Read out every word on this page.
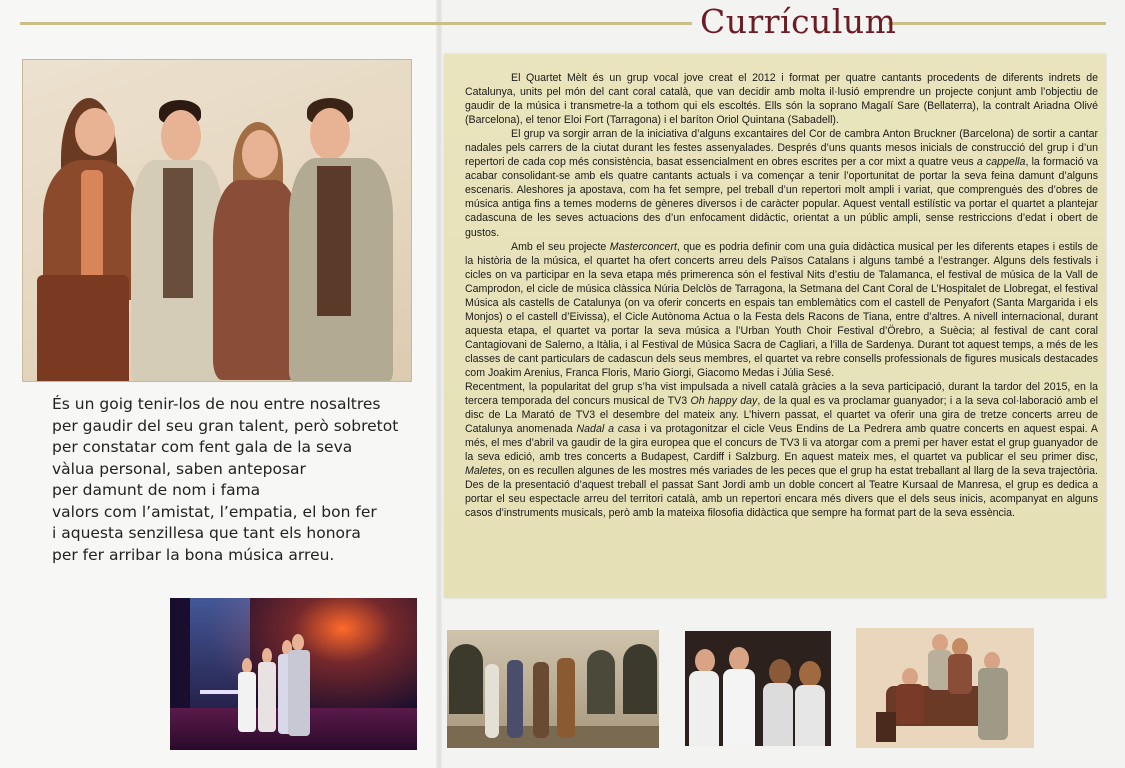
Currículum
És un goig tenir-los de nou entre nosaltres
per gaudir del seu gran talent, però sobretot
per constatar com fent gala de la seva
vàlua personal, saben anteposar
per damunt de nom i fama
valors com l’amistat, l’empatia, el bon fer
i aquesta senzillesa que tant els honora
per fer arribar la bona música arreu.

El Quartet Mèlt és un grup vocal jove creat el 2012 i format per quatre cantants procedents de diferents indrets de Catalunya, units pel món del cant coral català, que van decidir amb molta il·lusió emprendre un projecte conjunt amb l’objectiu de gaudir de la música i transmetre-la a tothom qui els escoltés. Ells són la soprano Magalí Sare (Bellaterra), la contralt Ariadna Olivé (Barcelona), el tenor Eloi Fort (Tarragona) i el baríton Oriol Quintana (Sabadell).

El grup va sorgir arran de la iniciativa d’alguns excantaires del Cor de cambra Anton Bruckner (Barcelona) de sortir a cantar nadales pels carrers de la ciutat durant les festes assenyalades. Després d’uns quants mesos inicials de construcció del grup i d’un repertori de cada cop més consistència, basat essencialment en obres escrites per a cor mixt a quatre veus a cappella, la formació va acabar consolidant-se amb els quatre cantants actuals i va començar a tenir l’oportunitat de portar la seva feina damunt d’alguns escenaris. Aleshores ja apostava, com ha fet sempre, pel treball d’un repertori molt ampli i variat, que comprenguės des d’obres de música antiga fins a temes moderns de gèneres diversos i de caràcter popular. Aquest ventall estilístic va portar el quartet a plantejar cadascuna de les seves actuacions des d’un enfocament didàctic, orientat a un públic ampli, sense restriccions d’edat i obert de gustos.

Amb el seu projecte Masterconcert, que es podria definir com una guia didàctica musical per les diferents etapes i estils de la història de la música, el quartet ha ofert concerts arreu dels Països Catalans i alguns també a l’estranger. Alguns dels festivals i cicles on va participar en la seva etapa més primerenca són el festival Nits d’estiu de Talamanca, el festival de música de la Vall de Camprodon, el cicle de música clàssica Núria Delclòs de Tarragona, la Setmana del Cant Coral de L’Hospitalet de Llobregat, el festival Música als castells de Catalunya (on va oferir concerts en espais tan emblemàtics com el castell de Penyafort (Santa Margarida i els Monjos) o el castell d’Eivissa), el Cicle Autònoma Actua o la Festa dels Racons de Tiana, entre d’altres. A nivell internacional, durant aquesta etapa, el quartet va portar la seva música a l’Urban Youth Choir Festival d’Örebro, a Suècia; al festival de cant coral Cantagiovani de Salerno, a Itàlia, i al Festival de Música Sacra de Cagliari, a l’illa de Sardenya. Durant tot aquest temps, a més de les classes de cant particulars de cadascun dels seus membres, el quartet va rebre consells professionals de figures musicals destacades com Joakim Arenius, Franca Floris, Mario Giorgi, Giacomo Medas i Júlia Sesé.

Recentment, la popularitat del grup s’ha vist impulsada a nivell català gràcies a la seva participació, durant la tardor del 2015, en la tercera temporada del concurs musical de TV3 Oh happy day, de la qual es va proclamar guanyador; i a la seva col·laboració amb el disc de La Marató de TV3 el desembre del mateix any. L’hivern passat, el quartet va oferir una gira de tretze concerts arreu de Catalunya anomenada Nadal a casa i va protagonitzar el cicle Veus Endins de La Pedrera amb quatre concerts en aquest espai. A més, el mes d’abril va gaudir de la gira europea que el concurs de TV3 li va atorgar com a premi per haver estat el grup guanyador de la seva edició, amb tres concerts a Budapest, Cardiff i Salzburg. En aquest mateix mes, el quartet va publicar el seu primer disc, Maletes, on es recullen algunes de les mostres més variades de les peces que el grup ha estat treballant al llarg de la seva trajectòria. Des de la presentació d’aquest treball el passat Sant Jordi amb un doble concert al Teatre Kursaal de Manresa, el grup es dedica a portar el seu espectacle arreu del territori català, amb un repertori encara més divers que el dels seus inicis, acompanyat en alguns casos d’instruments musicals, però amb la mateixa filosofia didàctica que sempre ha format part de la seva essència.
